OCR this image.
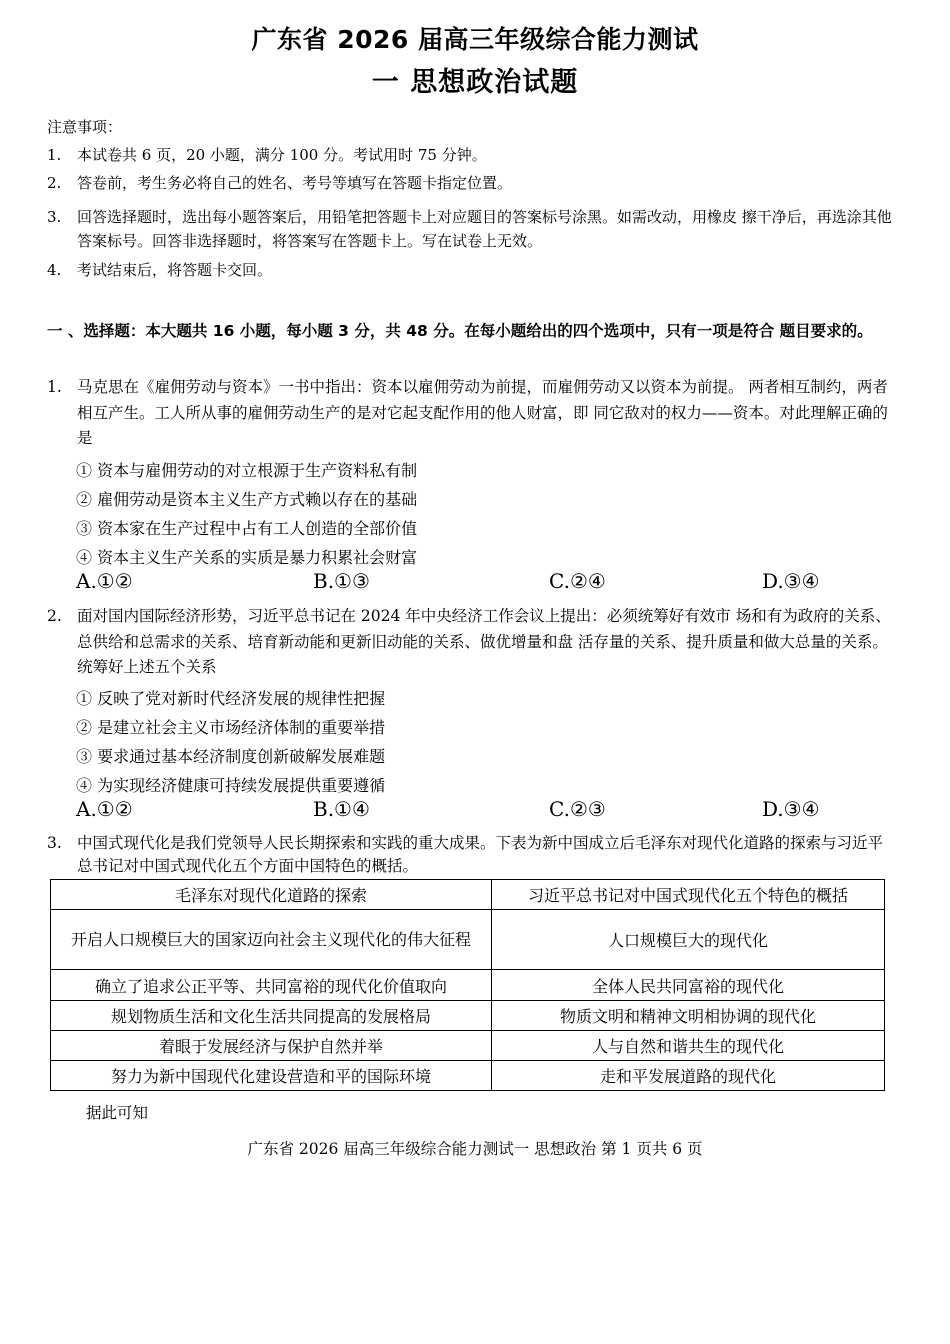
广东省 2026 届高三年级综合能力测试
一 思想政治试题
注意事项：
1. 本试卷共 6 页，20 小题，满分 100 分。考试用时 75 分钟。
2. 答卷前，考生务必将自己的姓名、考号等填写在答题卡指定位置。
3. 回答选择题时，选出每小题答案后，用铅笔把答题卡上对应题目的答案标号涂黑。如需改动，用橡皮 擦干净后，再选涂其他答案标号。回答非选择题时，将答案写在答题卡上。写在试卷上无效。
4. 考试结束后，将答题卡交回。
一 、选择题：本大题共 16 小题，每小题 3 分，共 48 分。在每小题给出的四个选项中，只有一项是符合 题目要求的。
1. 马克思在《雇佣劳动与资本》一书中指出：资本以雇佣劳动为前提，而雇佣劳动又以资本为前提。 两者相互制约，两者相互产生。工人所从事的雇佣劳动生产的是对它起支配作用的他人财富，即 同它敌对的权力——资本。对此理解正确的是
① 资本与雇佣劳动的对立根源于生产资料私有制
② 雇佣劳动是资本主义生产方式赖以存在的基础
③ 资本家在生产过程中占有工人创造的全部价值
④ 资本主义生产关系的实质是暴力积累社会财富
A.①②	B.①③	C.②④	D.③④
2. 面对国内国际经济形势，习近平总书记在 2024 年中央经济工作会议上提出：必须统筹好有效市 场和有为政府的关系、总供给和总需求的关系、培育新动能和更新旧动能的关系、做优增量和盘 活存量的关系、提升质量和做大总量的关系。统筹好上述五个关系
① 反映了党对新时代经济发展的规律性把握
② 是建立社会主义市场经济体制的重要举措
③ 要求通过基本经济制度创新破解发展难题
④ 为实现经济健康可持续发展提供重要遵循
A.①②	B.①④	C.②③	D.③④
3. 中国式现代化是我们党领导人民长期探索和实践的重大成果。下表为新中国成立后毛泽东对现代化道路的探索与习近平总书记对中国式现代化五个方面中国特色的概括。
毛泽东对现代化道路的探索	习近平总书记对中国式现代化五个特色的概括
开启人口规模巨大的国家迈向社会主义现代化的伟大征程	人口规模巨大的现代化
确立了追求公正平等、共同富裕的现代化价值取向	全体人民共同富裕的现代化
规划物质生活和文化生活共同提高的发展格局	物质文明和精神文明相协调的现代化
着眼于发展经济与保护自然并举	人与自然和谐共生的现代化
努力为新中国现代化建设营造和平的国际环境	走和平发展道路的现代化
据此可知
广东省 2026 届高三年级综合能力测试一 思想政治 第 1 页共 6 页
